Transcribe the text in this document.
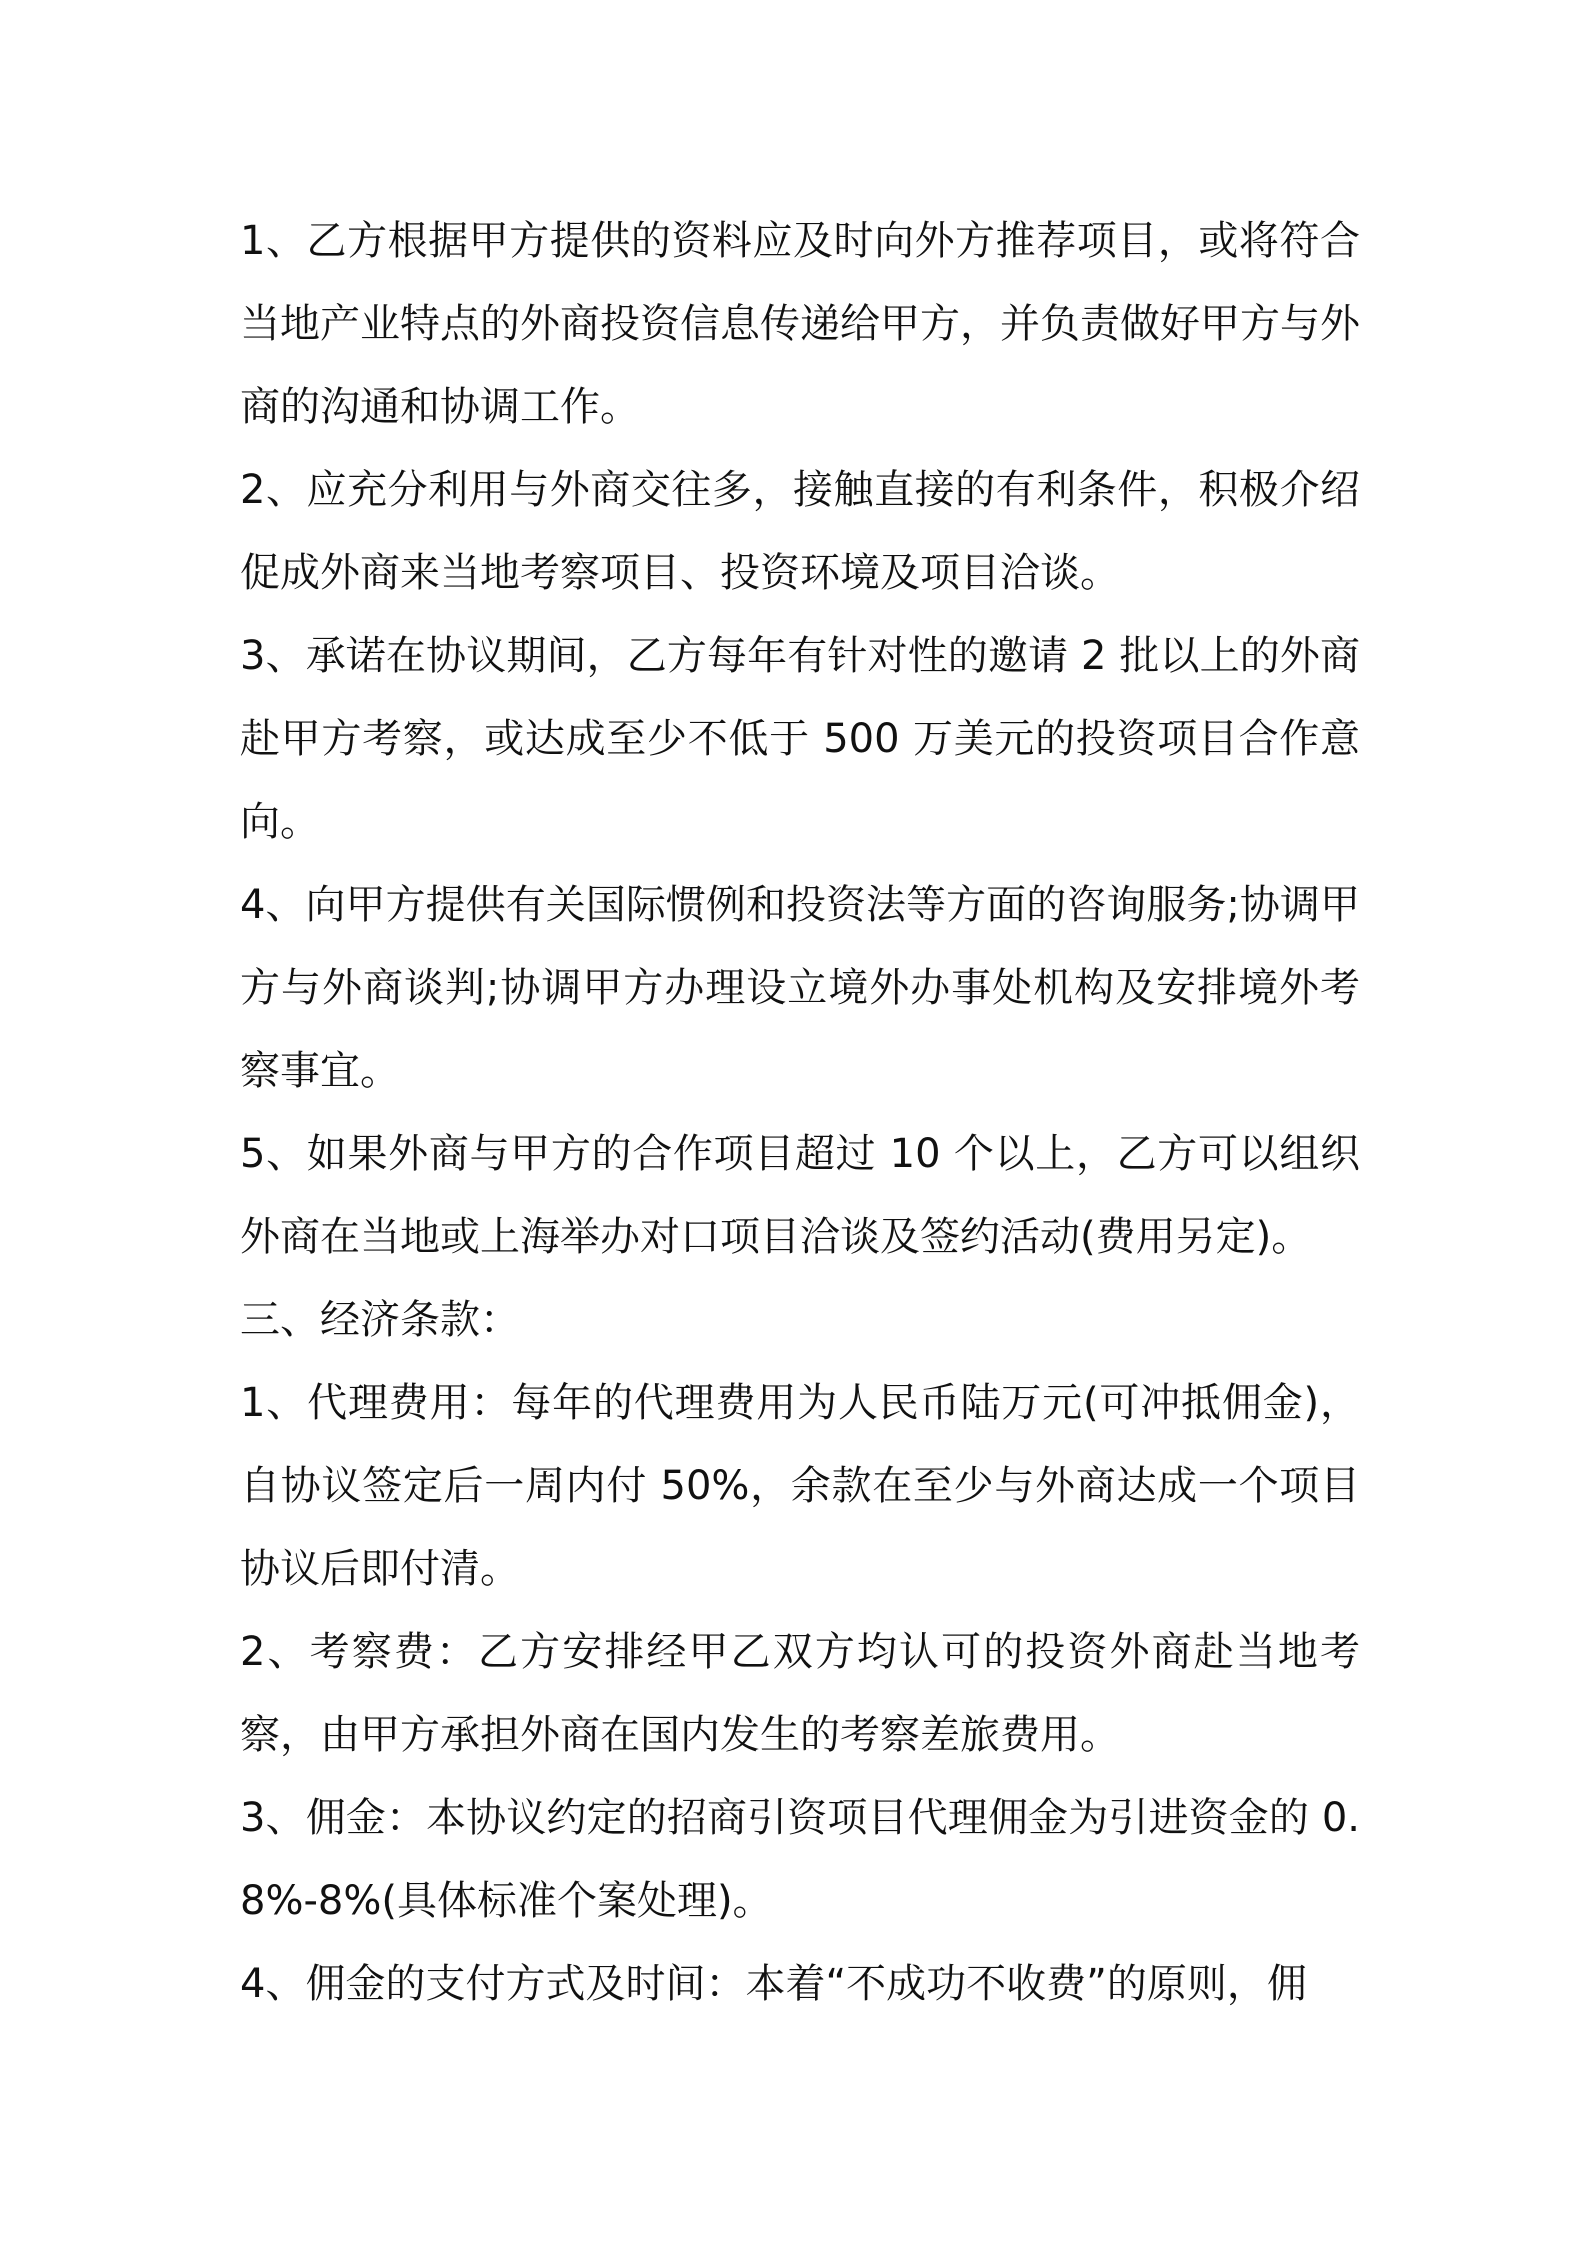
1、乙方根据甲方提供的资料应及时向外方推荐项目，或将符合当地产业特点的外商投资信息传递给甲方，并负责做好甲方与外商的沟通和协调工作。

2、应充分利用与外商交往多，接触直接的有利条件，积极介绍促成外商来当地考察项目、投资环境及项目洽谈。

3、承诺在协议期间，乙方每年有针对性的邀请 2 批以上的外商赴甲方考察，或达成至少不低于 500 万美元的投资项目合作意向。

4、向甲方提供有关国际惯例和投资法等方面的咨询服务;协调甲方与外商谈判;协调甲方办理设立境外办事处机构及安排境外考察事宜。

5、如果外商与甲方的合作项目超过 10 个以上，乙方可以组织外商在当地或上海举办对口项目洽谈及签约活动(费用另定)。

三、经济条款：

1、代理费用：每年的代理费用为人民币陆万元(可冲抵佣金)，自协议签定后一周内付 50%，余款在至少与外商达成一个项目协议后即付清。

2、考察费：乙方安排经甲乙双方均认可的投资外商赴当地考察，由甲方承担外商在国内发生的考察差旅费用。

3、佣金：本协议约定的招商引资项目代理佣金为引进资金的 0.8%-8%(具体标准个案处理)。

4、佣金的支付方式及时间：本着“不成功不收费”的原则，佣
